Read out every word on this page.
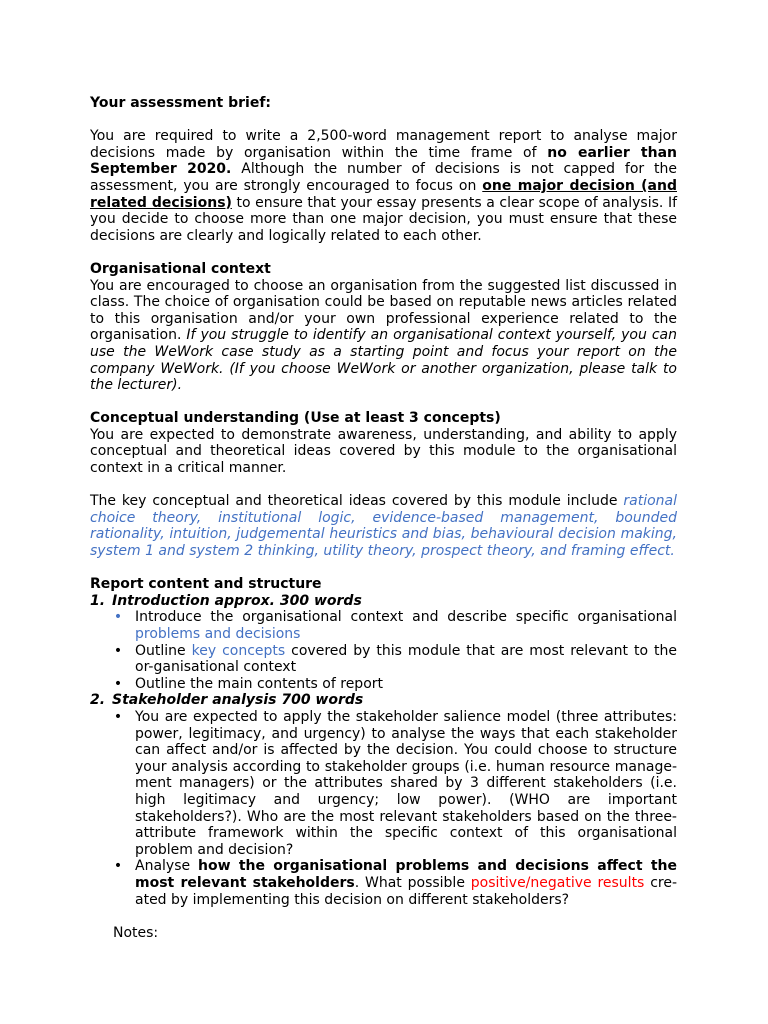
Your assessment brief:

You are required to write a 2,500-word management report to analyse major decisions made by organisation within the time frame of no earlier than September 2020. Although the number of decisions is not capped for the assessment, you are strongly encouraged to focus on one major decision (and related decisions) to ensure that your essay presents a clear scope of analysis. If you decide to choose more than one major decision, you must ensure that these decisions are clearly and logically related to each other.

Organisational context

You are encouraged to choose an organisation from the suggested list discussed in class. The choice of organisation could be based on reputable news articles related to this organisation and/or your own professional experience related to the organisation. If you struggle to identify an organisational context yourself, you can use the WeWork case study as a starting point and focus your report on the company WeWork. (If you choose WeWork or another organization, please talk to the lecturer).

Conceptual understanding (Use at least 3 concepts)

You are expected to demonstrate awareness, understanding, and ability to apply conceptual and theoretical ideas covered by this module to the organisational context in a critical manner.

The key conceptual and theoretical ideas covered by this module include rational choice theory, institutional logic, evidence-based management, bounded rationality, intuition, judgemental heuristics and bias, behavioural decision making, system 1 and system 2 thinking, utility theory, prospect theory, and framing effect.

Report content and structure

1. Introduction approx. 300 words
• Introduce the organisational context and describe specific organisational problems and decisions
• Outline key concepts covered by this module that are most relevant to the or-ganisational context
• Outline the main contents of report
2. Stakeholder analysis 700 words
• You are expected to apply the stakeholder salience model (three attributes: power, legitimacy, and urgency) to analyse the ways that each stakeholder can affect and/or is affected by the decision. You could choose to structure your analysis according to stakeholder groups (i.e. human resource manage-ment managers) or the attributes shared by 3 different stakeholders (i.e. high legitimacy and urgency; low power). (WHO are important stakeholders?). Who are the most relevant stakeholders based on the three-attribute framework within the specific context of this organisational problem and decision?
• Analyse how the organisational problems and decisions affect the most relevant stakeholders. What possible positive/negative results cre-ated by implementing this decision on different stakeholders?

Notes:
